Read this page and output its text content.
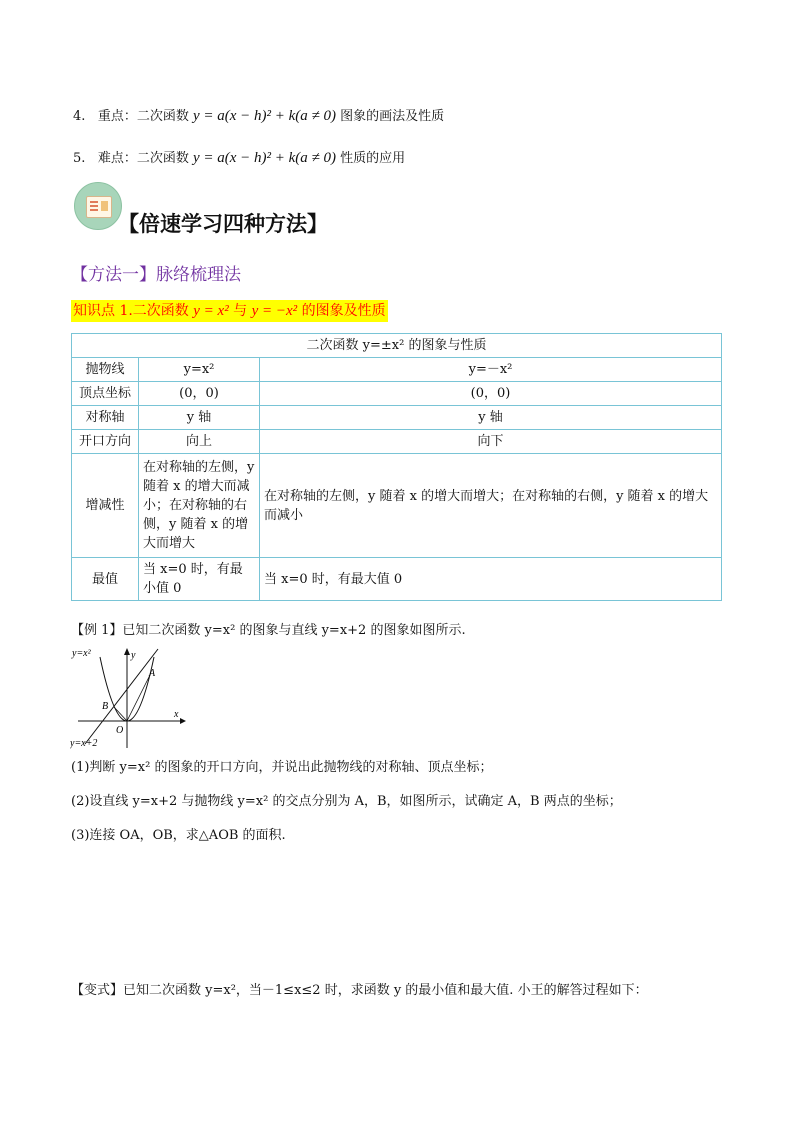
4. 重点：二次函数 y = a(x − h)² + k(a ≠ 0) 图象的画法及性质
5. 难点：二次函数 y = a(x − h)² + k(a ≠ 0) 性质的应用
【倍速学习四种方法】
【方法一】脉络梳理法
知识点 1.二次函数 y = x² 与 y = −x² 的图象及性质
二次函数 y=±x² 的图象与性质		
抛物线	y=x²	y=－x²
顶点坐标	(0，0)	(0，0)
对称轴	y 轴	y 轴
开口方向	向上	向下
增减性	在对称轴的左侧，y 随着 x 的增大而减小；在对称轴的右侧，y 随着 x 的增大而增大	在对称轴的左侧，y 随着 x 的增大而增大；在对称轴的右侧，y 随着 x 的增大而减小
最值	当 x=0 时，有最小值 0	当 x=0 时，有最大值 0
【例 1】已知二次函数 y=x² 的图象与直线 y=x+2 的图象如图所示.
y=x²
y=x+2
x
y
O
A
B
(1)判断 y=x² 的图象的开口方向，并说出此抛物线的对称轴、顶点坐标；
(2)设直线 y=x+2 与抛物线 y=x² 的交点分别为 A，B，如图所示，试确定 A，B 两点的坐标；
(3)连接 OA，OB，求△AOB 的面积.
【变式】已知二次函数 y=x²，当－1≤x≤2 时，求函数 y 的最小值和最大值. 小王的解答过程如下：
